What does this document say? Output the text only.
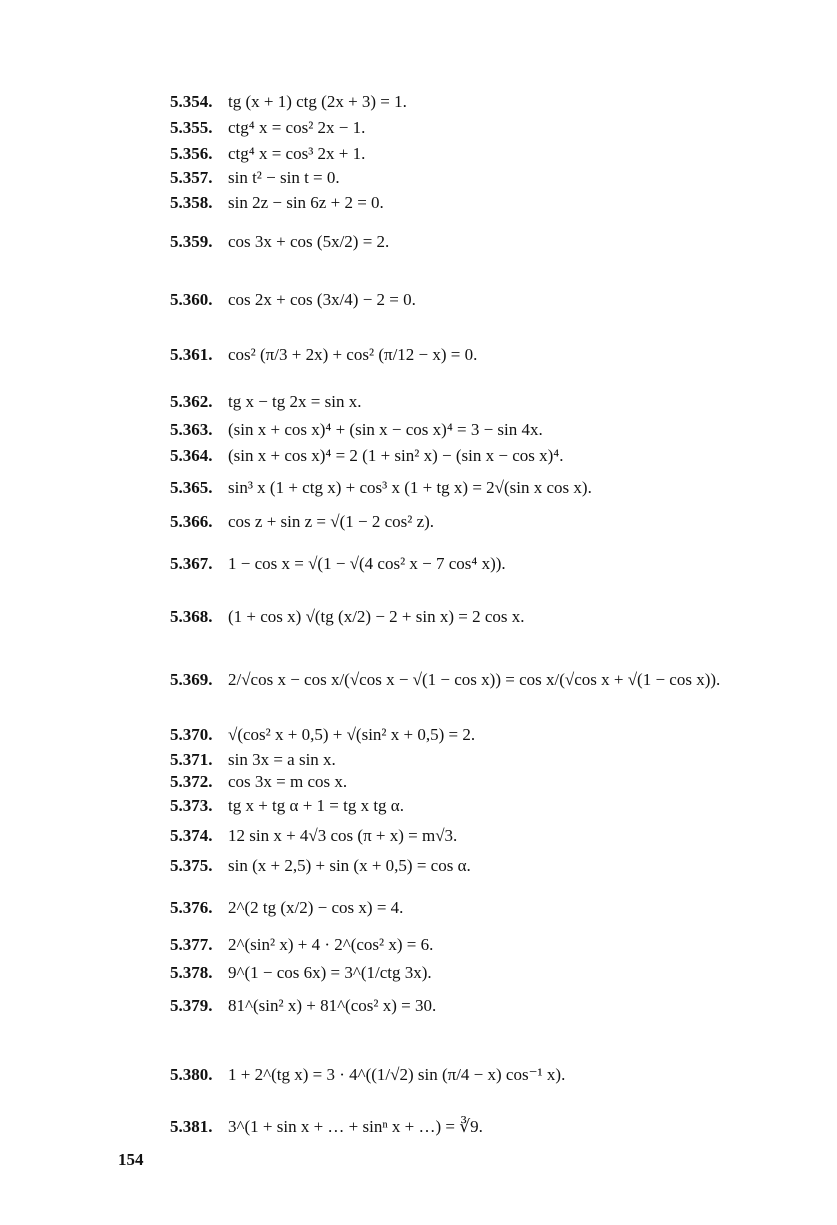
5.354. tg (x + 1) ctg (2x + 3) = 1.
5.355. ctg⁴ x = cos² 2x − 1.
5.356. ctg⁴ x = cos³ 2x + 1.
5.357. sin t² − sin t = 0.
5.358. sin 2z − sin 6z + 2 = 0.
5.359. cos 3x + cos (5x/2) = 2.
5.360. cos 2x + cos (3x/4) − 2 = 0.
5.361. cos² (π/3 + 2x) + cos² (π/12 − x) = 0.
5.362. tg x − tg 2x = sin x.
5.363. (sin x + cos x)⁴ + (sin x − cos x)⁴ = 3 − sin 4x.
5.364. (sin x + cos x)⁴ = 2 (1 + sin² x) − (sin x − cos x)⁴.
5.365. sin³ x (1 + ctg x) + cos³ x (1 + tg x) = 2√(sin x cos x).
5.366. cos z + sin z = √(1 − 2 cos² z).
5.367. 1 − cos x = √(1 − √(4 cos² x − 7 cos⁴ x)).
5.368. (1 + cos x) √(tg (x/2) − 2 + sin x) = 2 cos x.
5.369. 2/√cos x − cos x/(√cos x − √(1 − cos x)) = cos x/(√cos x + √(1 − cos x)).
5.370. √(cos² x + 0,5) + √(sin² x + 0,5) = 2.
5.371. sin 3x = a sin x.
5.372. cos 3x = m cos x.
5.373. tg x + tg α + 1 = tg x tg α.
5.374. 12 sin x + 4√3 cos (π + x) = m√3.
5.375. sin (x + 2,5) + sin (x + 0,5) = cos α.
5.376. 2^(2 tg (x/2) − cos x) = 4.
5.377. 2^(sin² x) + 4 · 2^(cos² x) = 6.
5.378. 9^(1 − cos 6x) = 3^(1/ctg 3x).
5.379. 81^(sin² x) + 81^(cos² x) = 30.
5.380. 1 + 2^(tg x) = 3 · 4^((1/√2) sin (π/4 − x) cos⁻¹ x).
5.381. 3^(1 + sin x + … + sinⁿ x + …) = ∛9.
154
